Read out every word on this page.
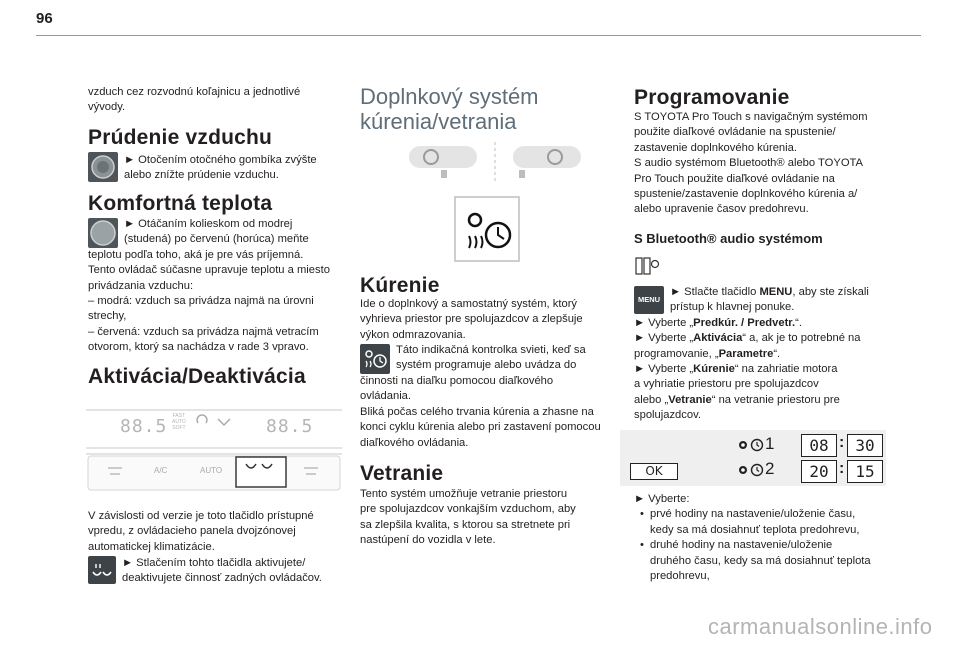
96
vzduch cez rozvodnú koľajnicu a jednotlivé
vývody.
Prúdenie vzduchu
► Otočením otočného gombíka zvýšte
alebo znížte prúdenie vzduchu.
Komfortná teplota
► Otáčaním kolieskom od modrej
(studená) po červenú (horúca) meňte
teplotu podľa toho, aká je pre vás príjemná.
Tento ovládač súčasne upravuje teplotu a miesto
privádzania vzduchu:
– modrá: vzduch sa privádza najmä na úrovni
strechy,
– červená: vzduch sa privádza najmä vetracím
otvorom, ktorý sa nachádza v rade 3 vpravo.
Aktivácia/Deaktivácia
88.5	88.5
FAST
AUTO
SOFT
A/C	AUTO
V závislosti od verzie je toto tlačidlo prístupné
vpredu, z ovládacieho panela dvojzónovej
automatickej klimatizácie.
► Stlačením tohto tlačidla aktivujete/
deaktivujete činnosť zadných ovládačov.
Doplnkový systém
kúrenia/vetrania
Kúrenie
Ide o doplnkový a samostatný systém, ktorý
vyhrieva priestor pre spolujazdcov a zlepšuje
výkon odmrazovania.
Táto indikačná kontrolka svieti, keď sa
systém programuje alebo uvádza do
činnosti na diaľku pomocou diaľkového
ovládania.
Bliká počas celého trvania kúrenia a zhasne na
konci cyklu kúrenia alebo pri zastavení pomocou
diaľkového ovládania.
Vetranie
Tento systém umožňuje vetranie priestoru
pre spolujazdcov vonkajším vzduchom, aby
sa zlepšila kvalita, s ktorou sa stretnete pri
nastúpení do vozidla v lete.
Programovanie
S TOYOTA Pro Touch s navigačným systémom
použite diaľkové ovládanie na spustenie/
zastavenie doplnkového kúrenia.
S audio systémom Bluetooth® alebo TOYOTA
Pro Touch použite diaľkové ovládanie na
spustenie/zastavenie doplnkového kúrenia a/
alebo upravenie časov predohrevu.
S Bluetooth® audio systémom
MENU
► Stlačte tlačidlo MENU, aby ste získali
prístup k hlavnej ponuke.
► Vyberte „Predkúr. / Predvetr.“.
► Vyberte „Aktivácia“ a, ak je to potrebné na
programovanie, „Parametre“.
► Vyberte „Kúrenie“ na zahriatie motora
a vyhriatie priestoru pre spolujazdcov
alebo „Vetranie“ na vetranie priestoru pre
spolujazdcov.
OK
1
2
08 : 30
20 : 15
► Vyberte:
• prvé hodiny na nastavenie/uloženie času,
kedy sa má dosiahnuť teplota predohrevu,
• druhé hodiny na nastavenie/uloženie
druhého času, kedy sa má dosiahnuť teplota
predohrevu,
carmanualsonline.info
